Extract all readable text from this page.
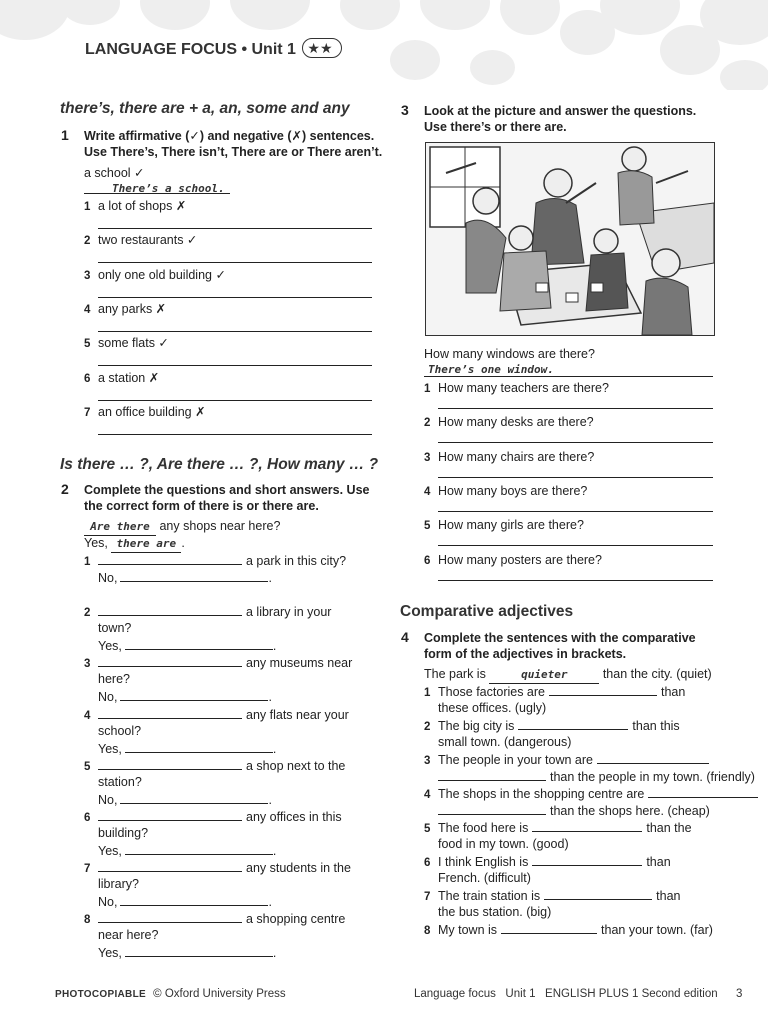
LANGUAGE FOCUS • Unit 1 ★★
there’s, there are + a, an, some and any
1 Write affirmative (✓) and negative (✗) sentences.
Use There’s, There isn’t, There are or There aren’t.
a school ✓
There’s a school.
1 a lot of shops ✗
2 two restaurants ✓
3 only one old building ✓
4 any parks ✗
5 some flats ✓
6 a station ✗
7 an office building ✗
Is there … ?, Are there … ?, How many … ?
2 Complete the questions and short answers. Use
the correct form of there is or there are.
Are there any shops near here?
Yes, there are .
1	a park in this city?
No,	.
2	a library in your
town?
Yes,	.
3	any museums near
here?
No,	.
4	any flats near your
school?
Yes,	.
5	a shop next to the
station?
No,	.
6	any offices in this
building?
Yes,	.
7	any students in the
library?
No,	.
8	a shopping centre
near here?
Yes,	.
3 Look at the picture and answer the questions.
Use there’s or there are.
How many windows are there?
There’s one window.
1 How many teachers are there?
2 How many desks are there?
3 How many chairs are there?
4 How many boys are there?
5 How many girls are there?
6 How many posters are there?
Comparative adjectives
4 Complete the sentences with the comparative
form of the adjectives in brackets.
The park is	quieter	than the city. (quiet)
1 Those factories are	than
these offices. (ugly)
2 The big city is	than this
small town. (dangerous)
3 The people in your town are
than the people in my town. (friendly)
4 The shops in the shopping centre are
than the shops here. (cheap)
5 The food here is	than the
food in my town. (good)
6 I think English is	than
French. (difficult)
7 The train station is	than
the bus station. (big)
8 My town is	than your town. (far)
PHOTOCOPIABLE © Oxford University Press	Language focus   Unit 1   ENGLISH PLUS 1 Second edition 3
